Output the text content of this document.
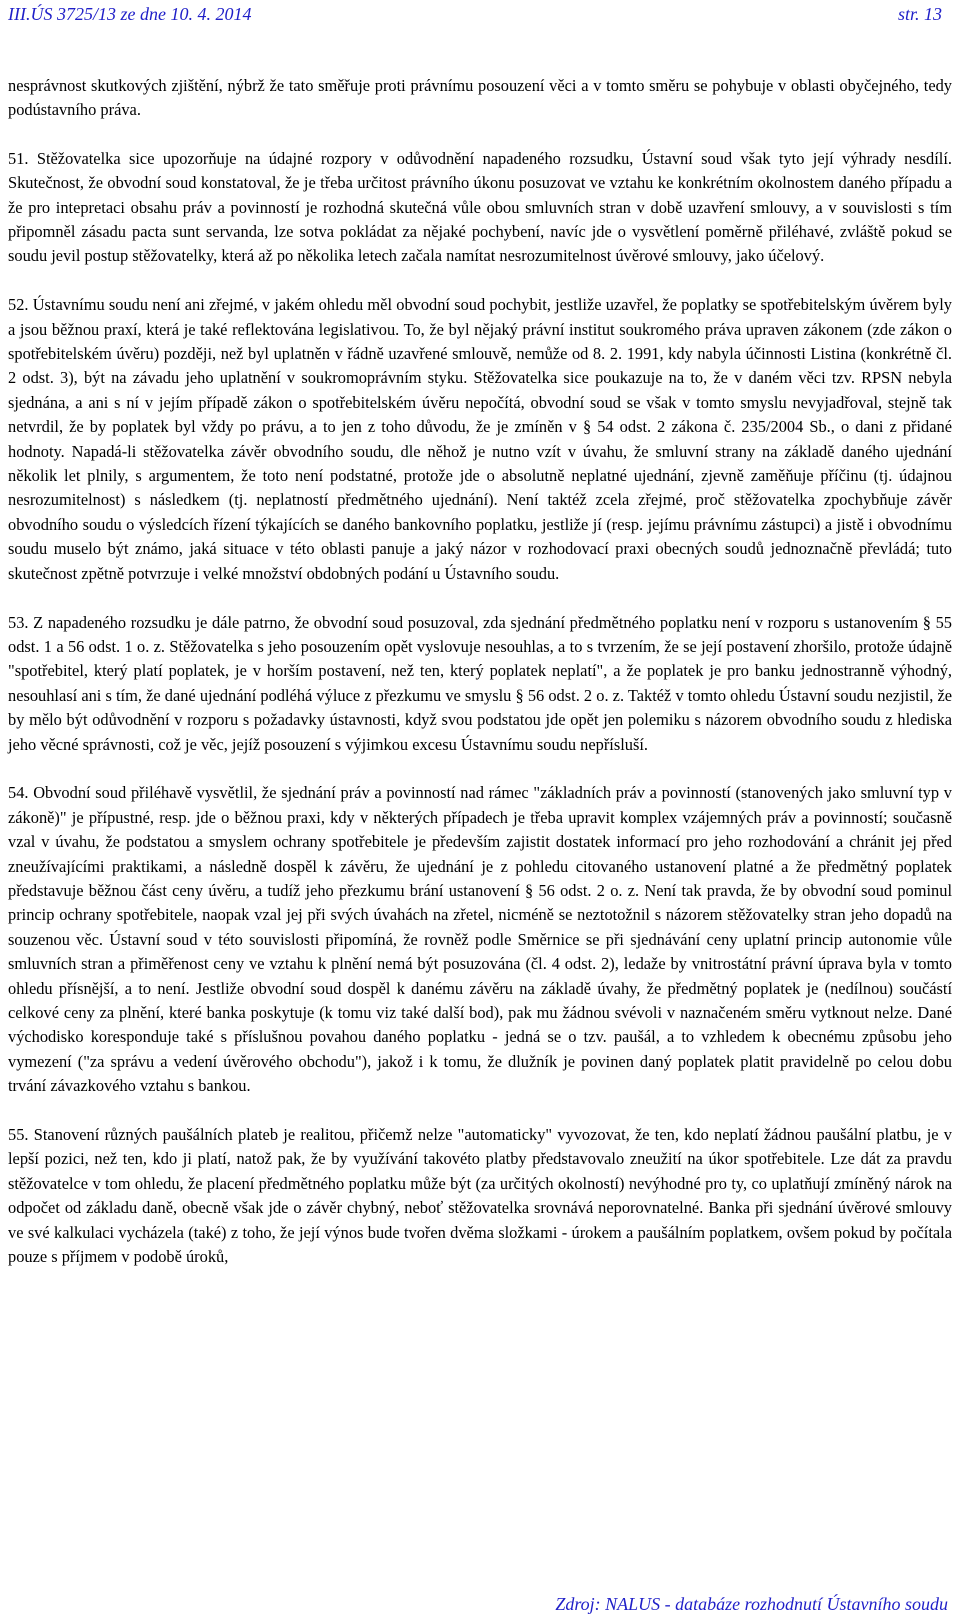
III.ÚS 3725/13 ze dne 10. 4. 2014	str. 13

nesprávnost skutkových zjištění, nýbrž že tato směřuje proti právnímu posouzení věci a v tomto směru se pohybuje v oblasti obyčejného, tedy podústavního práva.

51. Stěžovatelka sice upozorňuje na údajné rozpory v odůvodnění napadeného rozsudku, Ústavní soud však tyto její výhrady nesdílí. Skutečnost, že obvodní soud konstatoval, že je třeba určitost právního úkonu posuzovat ve vztahu ke konkrétním okolnostem daného případu a že pro intepretaci obsahu práv a povinností je rozhodná skutečná vůle obou smluvních stran v době uzavření smlouvy, a v souvislosti s tím připomněl zásadu pacta sunt servanda, lze sotva pokládat za nějaké pochybení, navíc jde o vysvětlení poměrně přiléhavé, zvláště pokud se soudu jevil postup stěžovatelky, která až po několika letech začala namítat nesrozumitelnost úvěrové smlouvy, jako účelový.

52. Ústavnímu soudu není ani zřejmé, v jakém ohledu měl obvodní soud pochybit, jestliže uzavřel, že poplatky se spotřebitelským úvěrem byly a jsou běžnou praxí, která je také reflektována legislativou. To, že byl nějaký právní institut soukromého práva upraven zákonem (zde zákon o spotřebitelském úvěru) později, než byl uplatněn v řádně uzavřené smlouvě, nemůže od 8. 2. 1991, kdy nabyla účinnosti Listina (konkrétně čl. 2 odst. 3), být na závadu jeho uplatnění v soukromoprávním styku. Stěžovatelka sice poukazuje na to, že v daném věci tzv. RPSN nebyla sjednána, a ani s ní v jejím případě zákon o spotřebitelském úvěru nepočítá, obvodní soud se však v tomto smyslu nevyjadřoval, stejně tak netvrdil, že by poplatek byl vždy po právu, a to jen z toho důvodu, že je zmíněn v § 54 odst. 2 zákona č. 235/2004 Sb., o dani z přidané hodnoty. Napadá-li stěžovatelka závěr obvodního soudu, dle něhož je nutno vzít v úvahu, že smluvní strany na základě daného ujednání několik let plnily, s argumentem, že toto není podstatné, protože jde o absolutně neplatné ujednání, zjevně zaměňuje příčinu (tj. údajnou nesrozumitelnost) s následkem (tj. neplatností předmětného ujednání). Není taktéž zcela zřejmé, proč stěžovatelka zpochybňuje závěr obvodního soudu o výsledcích řízení týkajících se daného bankovního poplatku, jestliže jí (resp. jejímu právnímu zástupci) a jistě i obvodnímu soudu muselo být známo, jaká situace v této oblasti panuje a jaký názor v rozhodovací praxi obecných soudů jednoznačně převládá; tuto skutečnost zpětně potvrzuje i velké množství obdobných podání u Ústavního soudu.

53. Z napadeného rozsudku je dále patrno, že obvodní soud posuzoval, zda sjednání předmětného poplatku není v rozporu s ustanovením § 55 odst. 1 a 56 odst. 1 o. z. Stěžovatelka s jeho posouzením opět vyslovuje nesouhlas, a to s tvrzením, že se její postavení zhoršilo, protože údajně "spotřebitel, který platí poplatek, je v horším postavení, než ten, který poplatek neplatí", a že poplatek je pro banku jednostranně výhodný, nesouhlasí ani s tím, že dané ujednání podléhá výluce z přezkumu ve smyslu § 56 odst. 2 o. z. Taktéž v tomto ohledu Ústavní soudu nezjistil, že by mělo být odůvodnění v rozporu s požadavky ústavnosti, když svou podstatou jde opět jen polemiku s názorem obvodního soudu z hlediska jeho věcné správnosti, což je věc, jejíž posouzení s výjimkou excesu Ústavnímu soudu nepřísluší.

54. Obvodní soud přiléhavě vysvětlil, že sjednání práv a povinností nad rámec "základních práv a povinností (stanovených jako smluvní typ v zákoně)" je přípustné, resp. jde o běžnou praxi, kdy v některých případech je třeba upravit komplex vzájemných práv a povinností; současně vzal v úvahu, že podstatou a smyslem ochrany spotřebitele je především zajistit dostatek informací pro jeho rozhodování a chránit jej před zneužívajícími praktikami, a následně dospěl k závěru, že ujednání je z pohledu citovaného ustanovení platné a že předmětný poplatek představuje běžnou část ceny úvěru, a tudíž jeho přezkumu brání ustanovení § 56 odst. 2 o. z. Není tak pravda, že by obvodní soud pominul princip ochrany spotřebitele, naopak vzal jej při svých úvahách na zřetel, nicméně se neztotožnil s názorem stěžovatelky stran jeho dopadů na souzenou věc. Ústavní soud v této souvislosti připomíná, že rovněž podle Směrnice se při sjednávání ceny uplatní princip autonomie vůle smluvních stran a přiměřenost ceny ve vztahu k plnění nemá být posuzována (čl. 4 odst. 2), ledaže by vnitrostátní právní úprava byla v tomto ohledu přísnější, a to není. Jestliže obvodní soud dospěl k danému závěru na základě úvahy, že předmětný poplatek je (nedílnou) součástí celkové ceny za plnění, které banka poskytuje (k tomu viz také další bod), pak mu žádnou svévoli v naznačeném směru vytknout nelze. Dané východisko koresponduje také s příslušnou povahou daného poplatku - jedná se o tzv. paušál, a to vzhledem k obecnému způsobu jeho vymezení ("za správu a vedení úvěrového obchodu"), jakož i k tomu, že dlužník je povinen daný poplatek platit pravidelně po celou dobu trvání závazkového vztahu s bankou.

55. Stanovení různých paušálních plateb je realitou, přičemž nelze "automaticky" vyvozovat, že ten, kdo neplatí žádnou paušální platbu, je v lepší pozici, než ten, kdo ji platí, natož pak, že by využívání takovéto platby představovalo zneužití na úkor spotřebitele. Lze dát za pravdu stěžovatelce v tom ohledu, že placení předmětného poplatku může být (za určitých okolností) nevýhodné pro ty, co uplatňují zmíněný nárok na odpočet od základu daně, obecně však jde o závěr chybný, neboť stěžovatelka srovnává neporovnatelné. Banka při sjednání úvěrové smlouvy ve své kalkulaci vycházela (také) z toho, že její výnos bude tvořen dvěma složkami - úrokem a paušálním poplatkem, ovšem pokud by počítala pouze s příjmem v podobě úroků,

Zdroj: NALUS - databáze rozhodnutí Ústavního soudu
